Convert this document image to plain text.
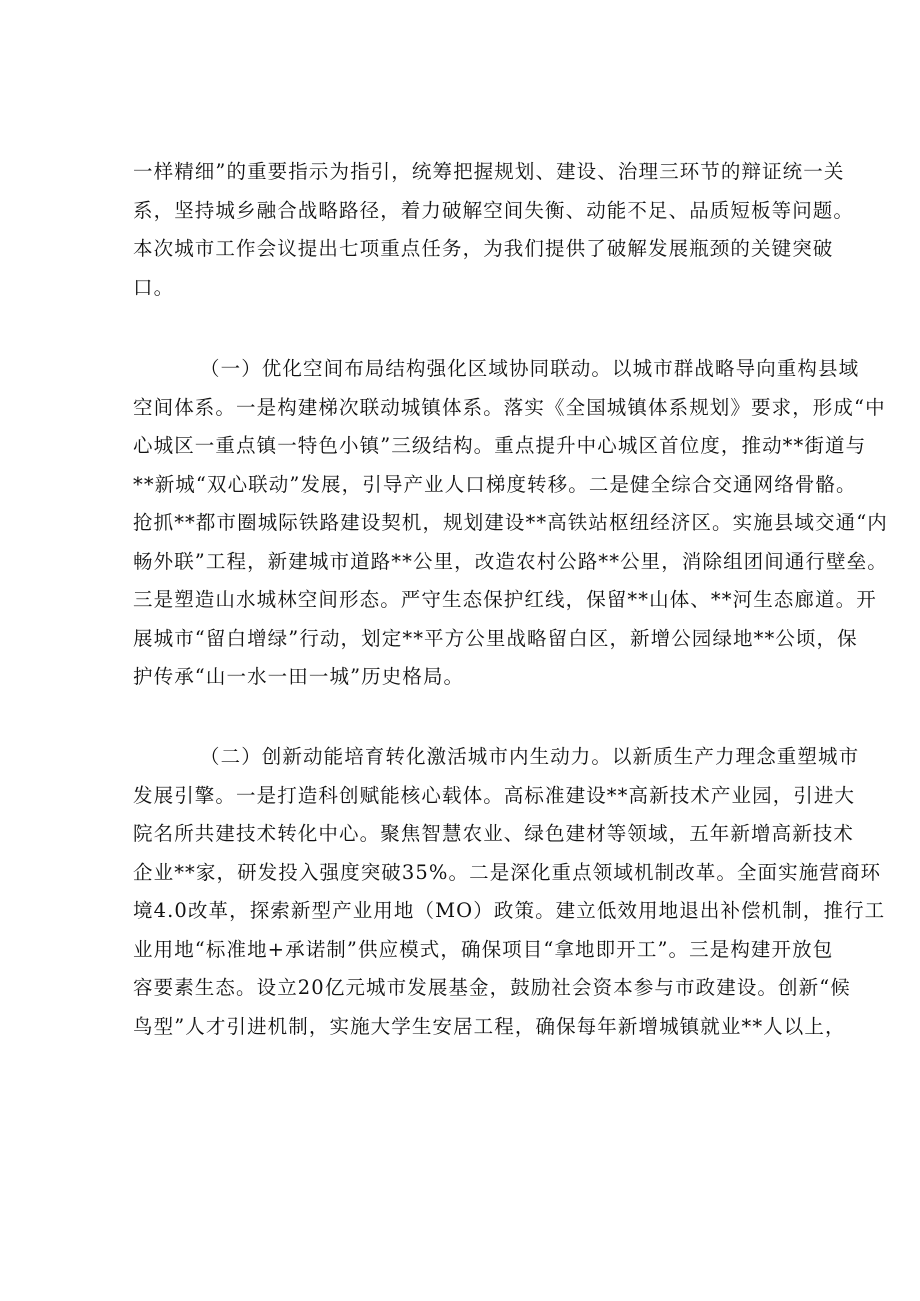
一样精细”的重要指示为指引，统筹把握规划、建设、治理三环节的辩证统一关
系，坚持城乡融合战略路径，着力破解空间失衡、动能不足、品质短板等问题。
本次城市工作会议提出七项重点任务，为我们提供了破解发展瓶颈的关键突破
口。
（一）优化空间布局结构强化区域协同联动。以城市群战略导向重构县域
空间体系。一是构建梯次联动城镇体系。落实《全国城镇体系规划》要求，形成“中
心城区一重点镇一特色小镇”三级结构。重点提升中心城区首位度，推动**街道与
**新城“双心联动”发展，引导产业人口梯度转移。二是健全综合交通网络骨骼。
抢抓**都市圈城际铁路建设契机，规划建设**高铁站枢纽经济区。实施县域交通“内
畅外联”工程，新建城市道路**公里，改造农村公路**公里，消除组团间通行壁垒。
三是塑造山水城林空间形态。严守生态保护红线，保留**山体、**河生态廊道。开
展城市“留白增绿”行动，划定**平方公里战略留白区，新增公园绿地**公顷，保
护传承“山一水一田一城”历史格局。
（二）创新动能培育转化激活城市内生动力。以新质生产力理念重塑城市
发展引擎。一是打造科创赋能核心载体。高标准建设**高新技术产业园，引进大
院名所共建技术转化中心。聚焦智慧农业、绿色建材等领域，五年新增高新技术
企业**家，研发投入强度突破35%。二是深化重点领域机制改革。全面实施营商环
境4.0改革，探索新型产业用地（MO）政策。建立低效用地退出补偿机制，推行工
业用地“标准地+承诺制”供应模式，确保项目“拿地即开工”。三是构建开放包
容要素生态。设立20亿元城市发展基金，鼓励社会资本参与市政建设。创新“候
鸟型”人才引进机制，实施大学生安居工程，确保每年新增城镇就业**人以上，
